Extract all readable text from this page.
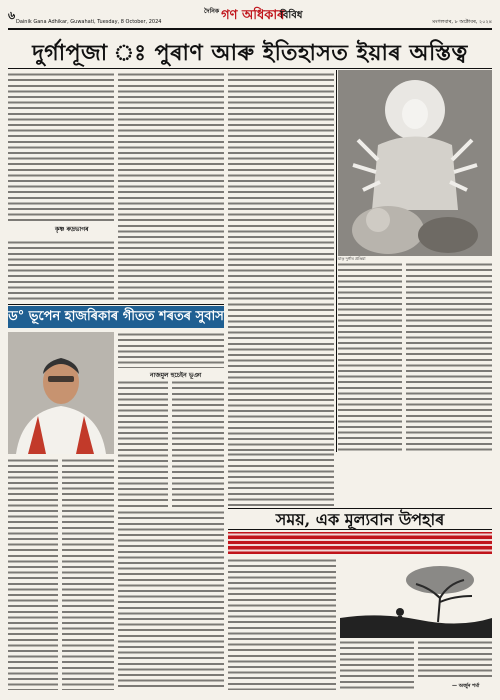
৬ Dainik Gana Adhikar, Guwahati, Tuesday, 8 October, 2024
$^{দৈনিক}$ গণ অধিকাৰ
বিবিধ
মংগলবাৰ, ৮ অক্টোবৰ, ২০২৪
দুৰ্গাপূজা ঃ পুৰাণ আৰু ইতিহাসত ইয়াৰ অস্তিত্ব
কৃষ্ণ ৰুদ্ৰভাগৰ
মাতৃ দুৰ্গাৰ প্ৰতিমা
ড° ভূপেন হাজৰিকাৰ গীতত শৰতৰ সুবাস
নাজমুল হুচেইন ভূঞা
সময়, এক মূল্যবান উপহাৰ
— অৰ্জুন শৰ্মা
